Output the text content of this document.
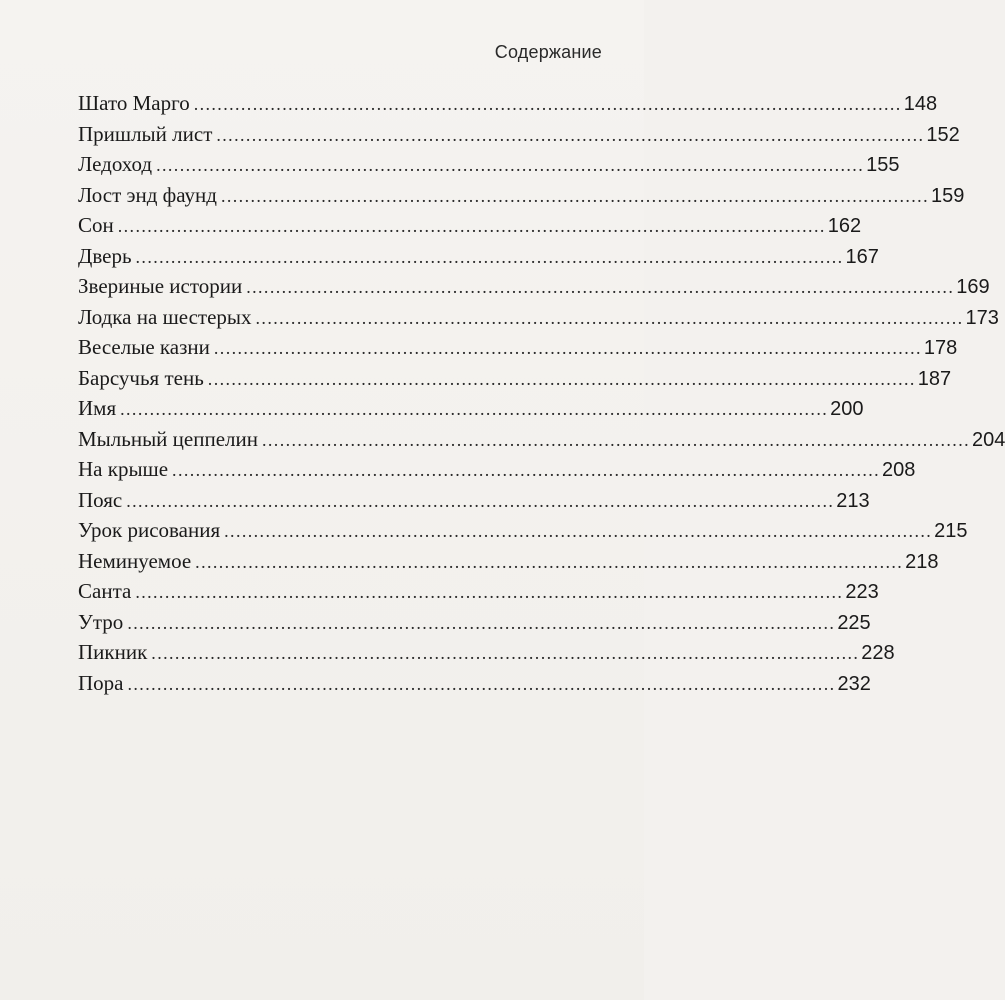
Содержание
Шато Марго ........................................................................................................................ 148
Пришлый лист ........................................................................................................................ 152
Ледоход ........................................................................................................................ 155
Лост энд фаунд ........................................................................................................................ 159
Сон ........................................................................................................................ 162
Дверь ........................................................................................................................ 167
Звериные истории ........................................................................................................................ 169
Лодка на шестерых ........................................................................................................................ 173
Веселые казни ........................................................................................................................ 178
Барсучья тень ........................................................................................................................ 187
Имя ........................................................................................................................ 200
Мыльный цеппелин ........................................................................................................................ 204
На крыше ........................................................................................................................ 208
Пояс ........................................................................................................................ 213
Урок рисования ........................................................................................................................ 215
Неминуемое ........................................................................................................................ 218
Санта ........................................................................................................................ 223
Утро ........................................................................................................................ 225
Пикник ........................................................................................................................ 228
Пора ........................................................................................................................ 232
